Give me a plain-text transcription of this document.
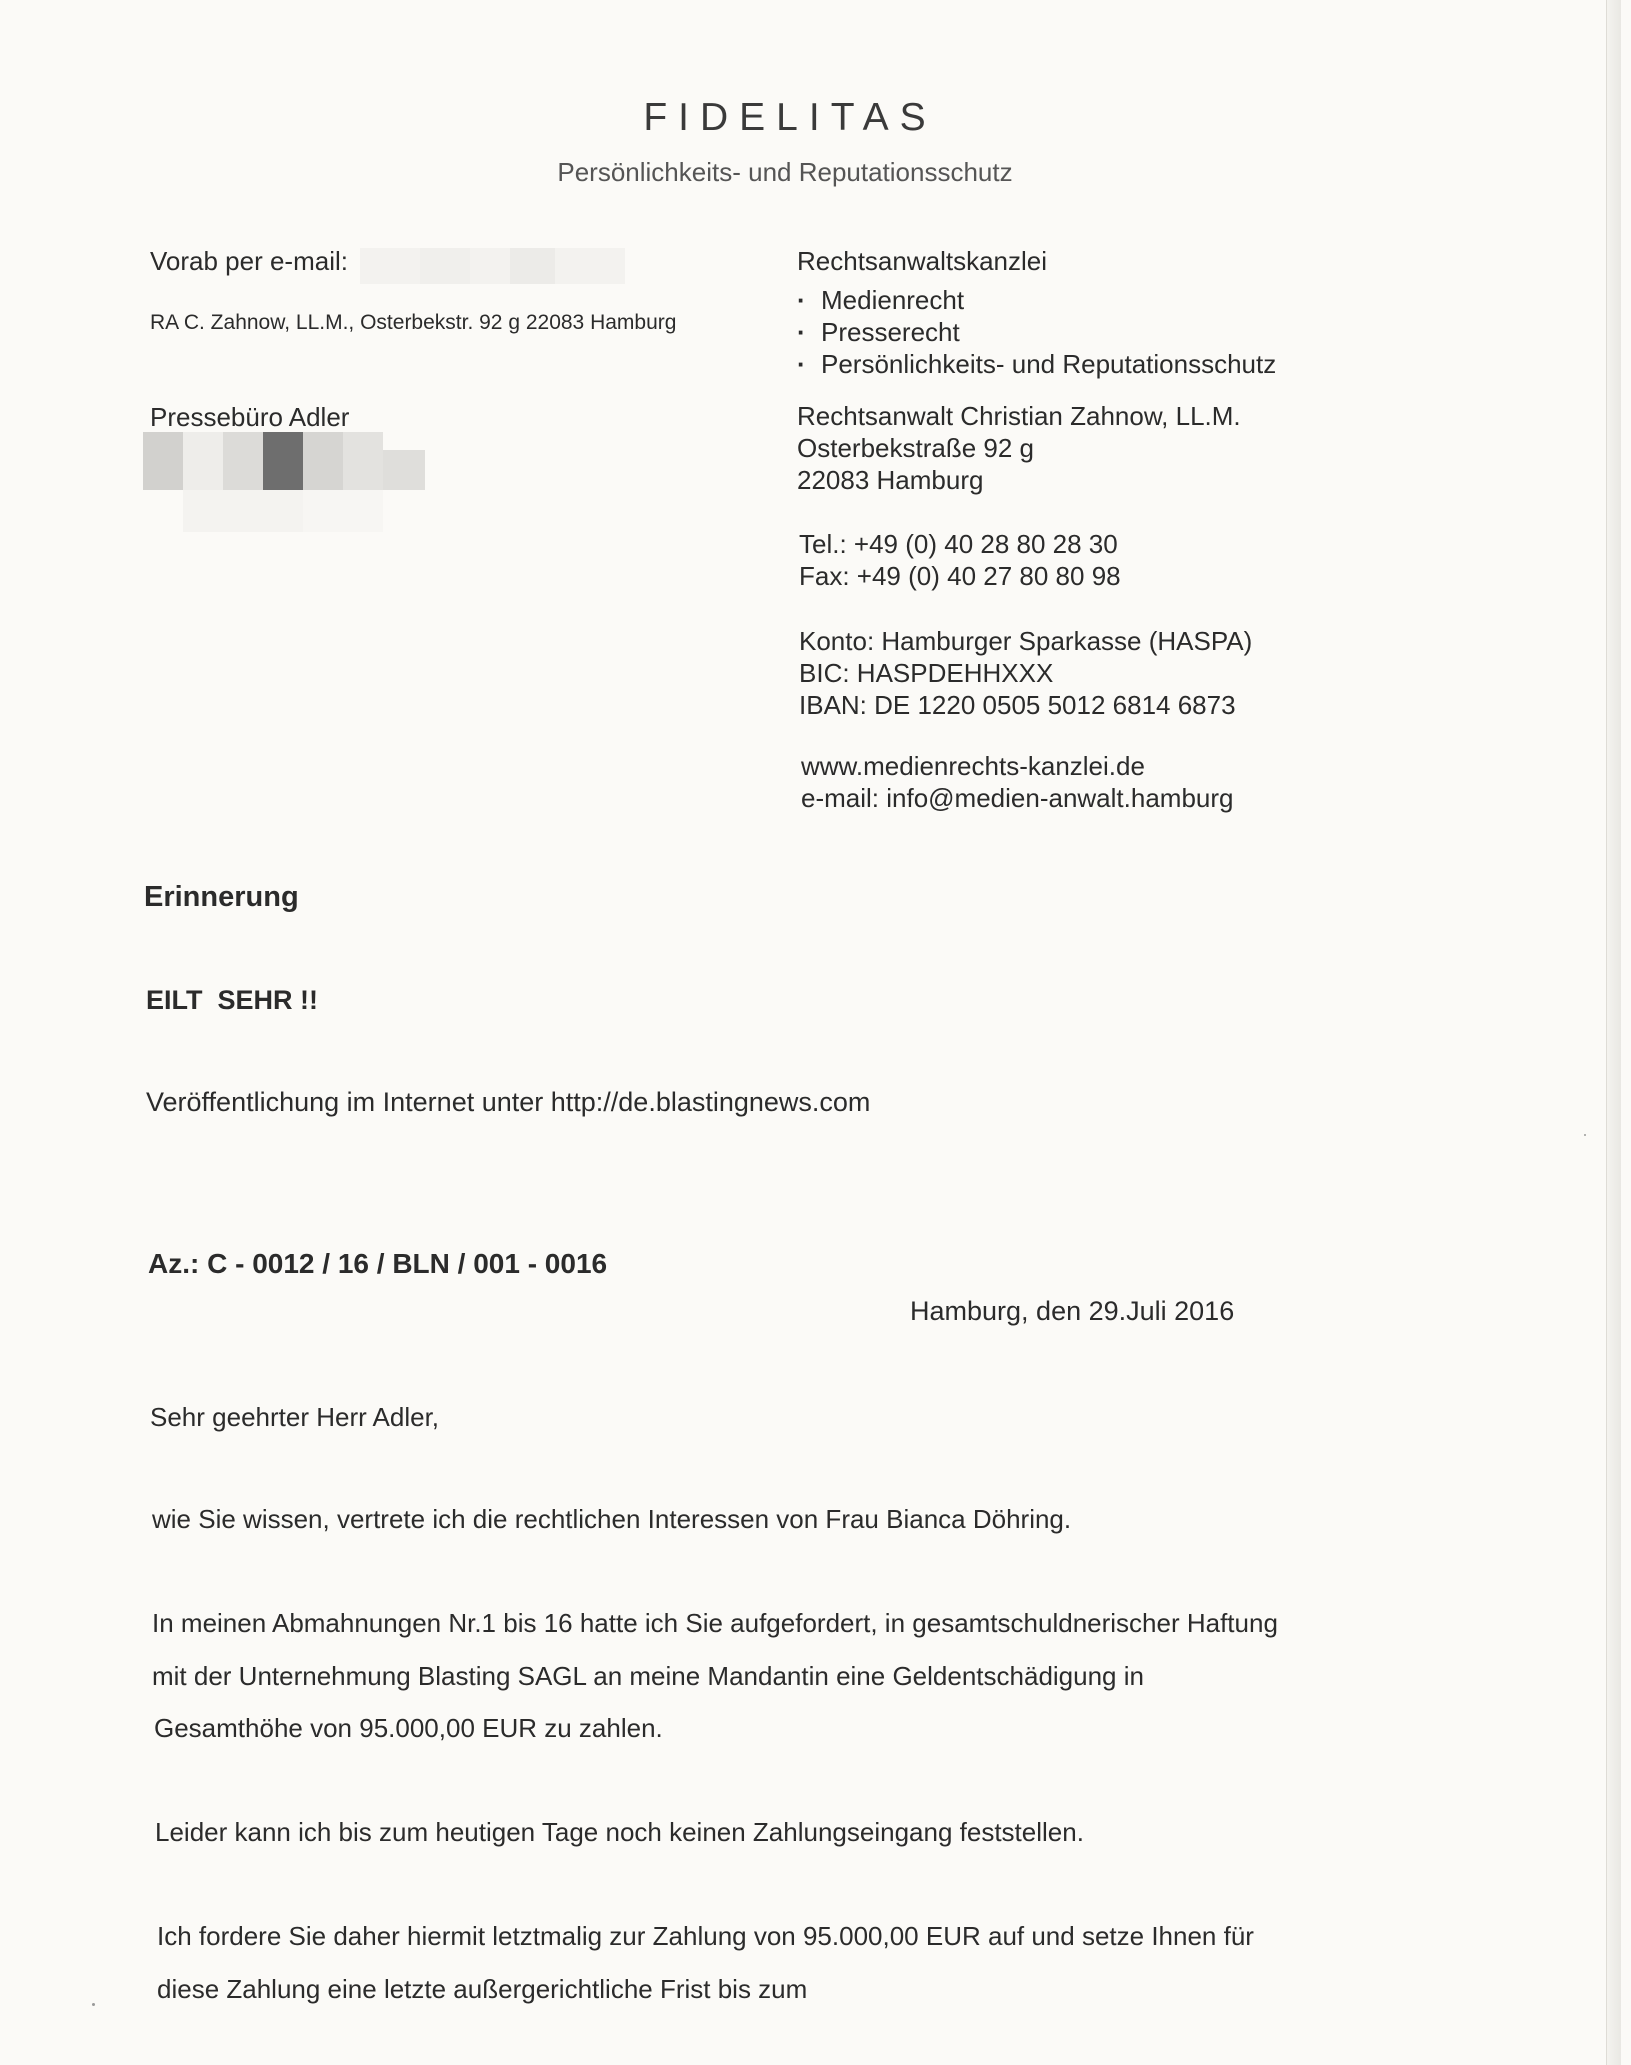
FIDELITAS
Persönlichkeits- und Reputationsschutz
Vorab per e-mail:
RA C. Zahnow, LL.M., Osterbekstr. 92 g 22083 Hamburg
Pressebüro Adler
Rechtsanwaltskanzlei
· Medienrecht
· Presserecht
· Persönlichkeits- und Reputationsschutz
Rechtsanwalt Christian Zahnow, LL.M.
Osterbekstraße 92 g
22083 Hamburg
Tel.: +49 (0) 40 28 80 28 30
Fax: +49 (0) 40 27 80 80 98
Konto: Hamburger Sparkasse (HASPA)
BIC: HASPDEHHXXX
IBAN: DE 1220 0505 5012 6814 6873
www.medienrechts-kanzlei.de
e-mail: info@medien-anwalt.hamburg
Erinnerung
EILT  SEHR !!
Veröffentlichung im Internet unter http://de.blastingnews.com
Az.: C - 0012 / 16 / BLN / 001 - 0016
Hamburg, den 29.Juli 2016
Sehr geehrter Herr Adler,
wie Sie wissen, vertrete ich die rechtlichen Interessen von Frau Bianca Döhring.
In meinen Abmahnungen Nr.1 bis 16 hatte ich Sie aufgefordert, in gesamtschuldnerischer Haftung
mit der Unternehmung Blasting SAGL an meine Mandantin eine Geldentschädigung in
Gesamthöhe von 95.000,00 EUR zu zahlen.
Leider kann ich bis zum heutigen Tage noch keinen Zahlungseingang feststellen.
Ich fordere Sie daher hiermit letztmalig zur Zahlung von 95.000,00 EUR auf und setze Ihnen für
diese Zahlung eine letzte außergerichtliche Frist bis zum
